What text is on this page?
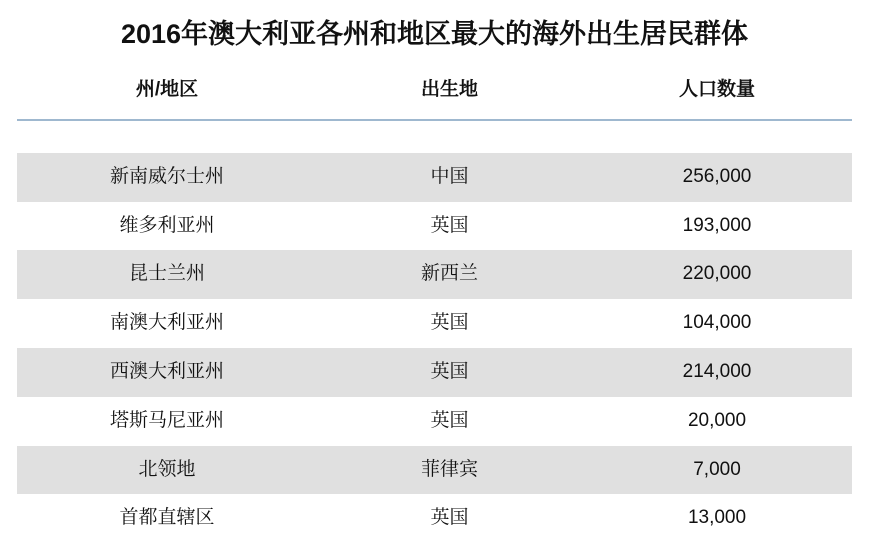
2016年澳大利亚各州和地区最大的海外出生居民群体
州/地区	出生地	人口数量

新南威尔士州	中国	256,000
维多利亚州	英国	193,000
昆士兰州	新西兰	220,000
南澳大利亚州	英国	104,000
西澳大利亚州	英国	214,000
塔斯马尼亚州	英国	20,000
北领地	菲律宾	7,000
首都直辖区	英国	13,000
